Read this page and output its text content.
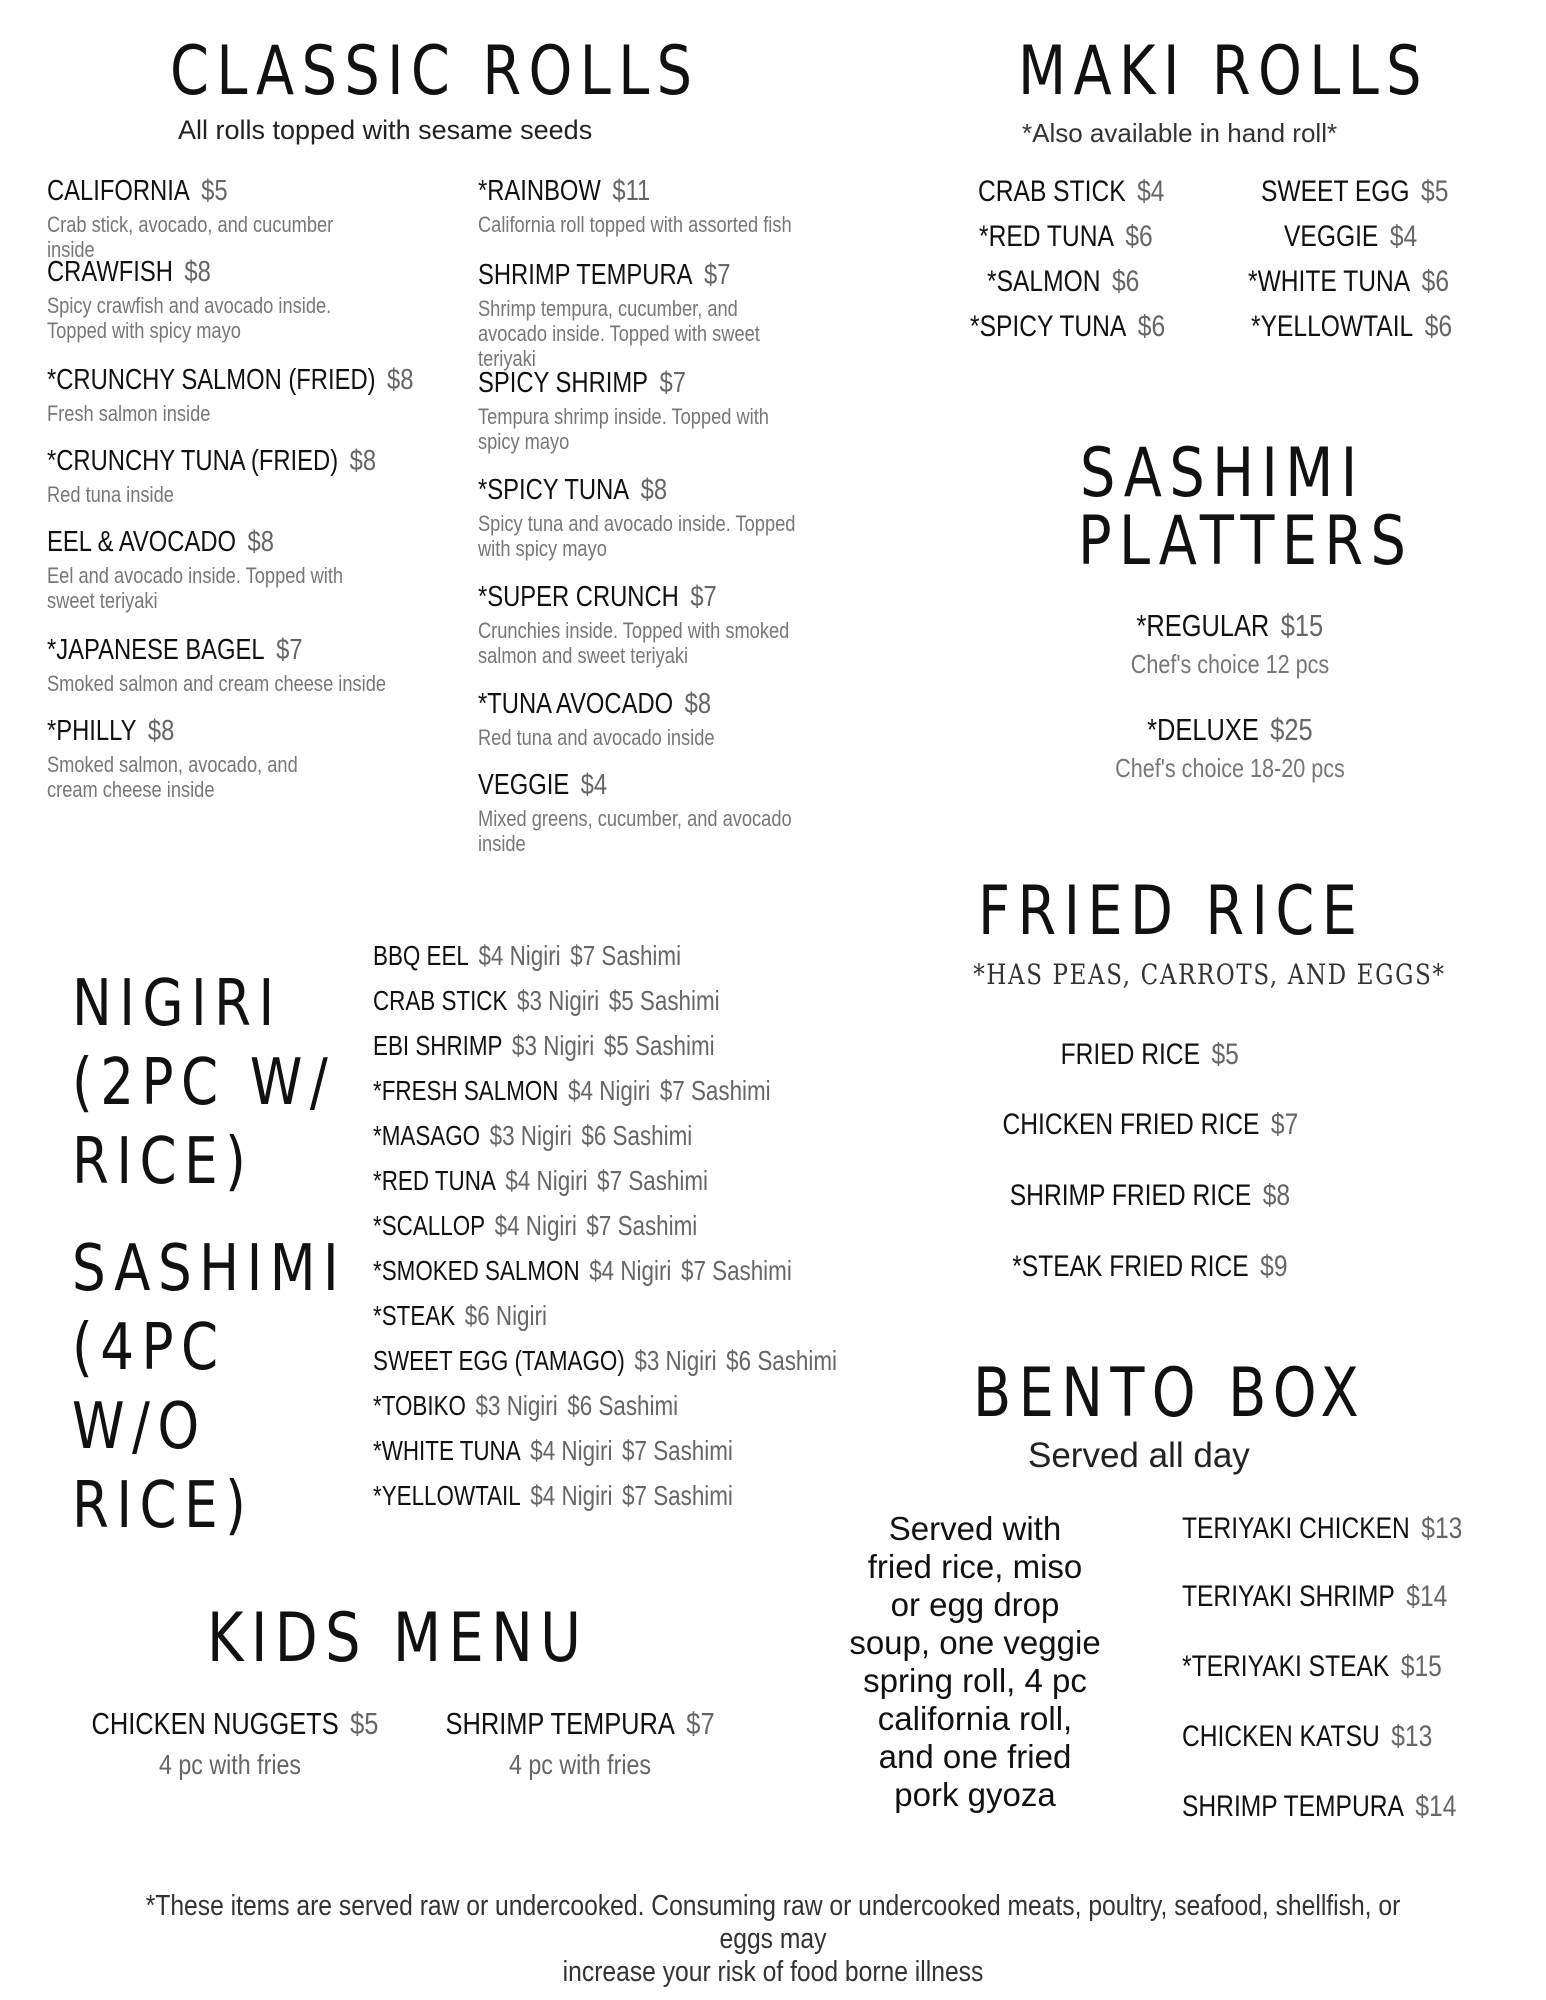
CLASSIC ROLLS
All rolls topped with sesame seeds
CALIFORNIA $5
Crab stick, avocado, and cucumber inside
CRAWFISH $8
Spicy crawfish and avocado inside. Topped with spicy mayo
*CRUNCHY SALMON (FRIED) $8
Fresh salmon inside
*CRUNCHY TUNA (FRIED) $8
Red tuna inside
EEL & AVOCADO $8
Eel and avocado inside. Topped with sweet teriyaki
*JAPANESE BAGEL $7
Smoked salmon and cream cheese inside
*PHILLY $8
Smoked salmon, avocado, and cream cheese inside
*RAINBOW $11
California roll topped with assorted fish
SHRIMP TEMPURA $7
Shrimp tempura, cucumber, and avocado inside. Topped with sweet teriyaki
SPICY SHRIMP $7
Tempura shrimp inside. Topped with spicy mayo
*SPICY TUNA $8
Spicy tuna and avocado inside. Topped with spicy mayo
*SUPER CRUNCH $7
Crunchies inside. Topped with smoked salmon and sweet teriyaki
*TUNA AVOCADO $8
Red tuna and avocado inside
VEGGIE $4
Mixed greens, cucumber, and avocado inside
MAKI ROLLS
*Also available in hand roll*
CRAB STICK $4
*RED TUNA $6
*SALMON $6
*SPICY TUNA $6
SWEET EGG $5
VEGGIE $4
*WHITE TUNA $6
*YELLOWTAIL $6
SASHIMI
PLATTERS
*REGULAR $15
Chef's choice 12 pcs
*DELUXE $25
Chef's choice 18-20 pcs
NIGIRI
(2PC W/
RICE)
SASHIMI
(4PC
W/O
RICE)
BBQ EEL $4 Nigiri $7 Sashimi
CRAB STICK $3 Nigiri $5 Sashimi
EBI SHRIMP $3 Nigiri $5 Sashimi
*FRESH SALMON $4 Nigiri $7 Sashimi
*MASAGO $3 Nigiri $6 Sashimi
*RED TUNA $4 Nigiri $7 Sashimi
*SCALLOP $4 Nigiri $7 Sashimi
*SMOKED SALMON $4 Nigiri $7 Sashimi
*STEAK $6 Nigiri
SWEET EGG (TAMAGO) $3 Nigiri $6 Sashimi
*TOBIKO $3 Nigiri $6 Sashimi
*WHITE TUNA $4 Nigiri $7 Sashimi
*YELLOWTAIL $4 Nigiri $7 Sashimi
FRIED RICE
*HAS PEAS, CARROTS, AND EGGS*
FRIED RICE $5
CHICKEN FRIED RICE $7
SHRIMP FRIED RICE $8
*STEAK FRIED RICE $9
BENTO BOX
Served all day
Served with
fried rice, miso
or egg drop
soup, one veggie
spring roll, 4 pc
california roll,
and one fried
pork gyoza
TERIYAKI CHICKEN $13
TERIYAKI SHRIMP $14
*TERIYAKI STEAK $15
CHICKEN KATSU $13
SHRIMP TEMPURA $14
KIDS MENU
CHICKEN NUGGETS $5
4 pc with fries
SHRIMP TEMPURA $7
4 pc with fries
*These items are served raw or undercooked. Consuming raw or undercooked meats, poultry, seafood, shellfish, or eggs may
increase your risk of food borne illness
